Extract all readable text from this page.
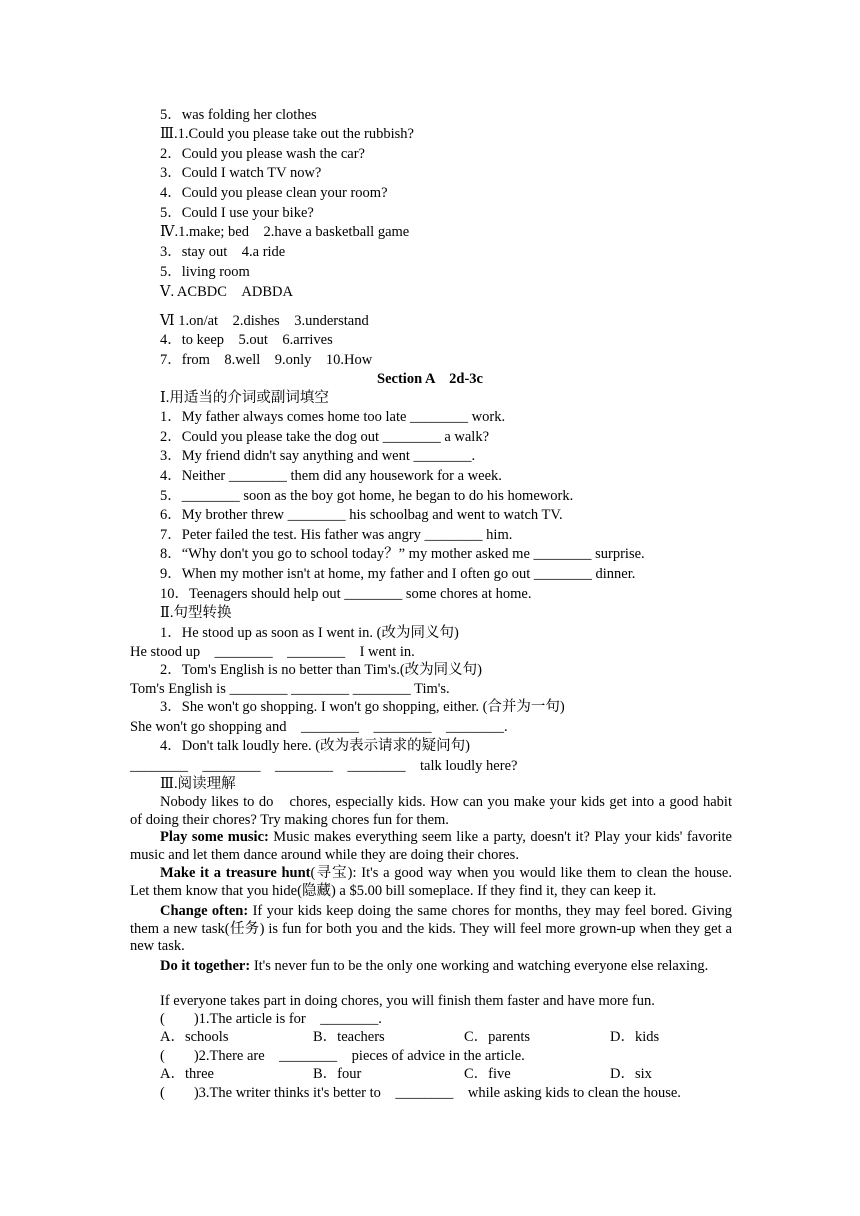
5．was folding her clothes
Ⅲ.1.Could you please take out the rubbish?
2．Could you please wash the car?
3．Could I watch TV now?
4．Could you please clean your room?
5．Could I use your bike?
Ⅳ.1.make; bed　2.have a basketball game
3．stay out　4.a ride
5．living room
Ⅴ. ACBDC　ADBDA
Ⅵ 1.on/at　2.dishes　3.understand
4．to keep　5.out　6.arrives
7．from　8.well　9.only　10.How
Section A　2d-3c
Ⅰ.用适当的介词或副词填空
1．My father always comes home too late ________ work.
2．Could you please take the dog out ________ a walk?
3．My friend didn't say anything and went ________.
4．Neither ________ them did any housework for a week.
5．________ soon as the boy got home, he began to do his homework.
6．My brother threw ________ his schoolbag and went to watch TV.
7．Peter failed the test. His father was angry ________ him.
8．“Why don't you go to school today？” my mother asked me ________ surprise.
9．When my mother isn't at home, my father and I often go out ________ dinner.
10．Teenagers should help out ________ some chores at home.
Ⅱ.句型转换
1．He stood up as soon as I went in. (改为同义句)
He stood up　________　________　I went in.
2．Tom's English is no better than Tim's.(改为同义句)
Tom's English is ________ ________ ________ Tim's.
3．She won't go shopping. I won't go shopping, either. (合并为一句)
She won't go shopping and　________　________　________.
4．Don't talk loudly here. (改为表示请求的疑问句)
________　________　________　________　talk loudly here?
Ⅲ.阅读理解
Nobody likes to do　chores, especially kids. How can you make your kids get into a good habit of doing their chores? Try making chores fun for them.
Play some music: Music makes everything seem like a party, doesn't it? Play your kids' favorite music and let them dance around while they are doing their chores.
Make it a treasure hunt(寻宝): It's a good way when you would like them to clean the house. Let them know that you hide(隐藏) a $5.00 bill someplace. If they find it, they can keep it.
Change often: If your kids keep doing the same chores for months, they may feel bored. Giving them a new task(任务) is fun for both you and the kids. They will feel more grown-up when they get a new task.
Do it together: It's never fun to be the only one working and watching everyone else relaxing.
If everyone takes part in doing chores, you will finish them faster and have more fun.
(　　)1.The article is for　________.
A．schools	B．teachers	C．parents	D．kids
(　　)2.There are　________　pieces of advice in the article.
A．three	B．four	C．five	D．six
(　　)3.The writer thinks it's better to　________　while asking kids to clean the house.
